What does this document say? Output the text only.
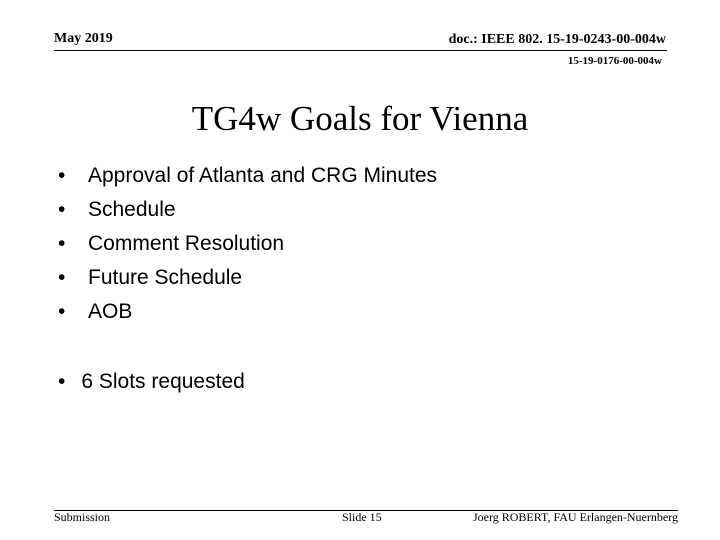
May 2019	doc.: IEEE 802. 15-19-0243-00-004w
15-19-0176-00-004w
TG4w Goals for Vienna
• Approval of Atlanta and CRG Minutes
• Schedule
• Comment Resolution
• Future Schedule
• AOB
• 6 Slots requested
Submission	Slide 15	Joerg ROBERT, FAU Erlangen-Nuernberg
